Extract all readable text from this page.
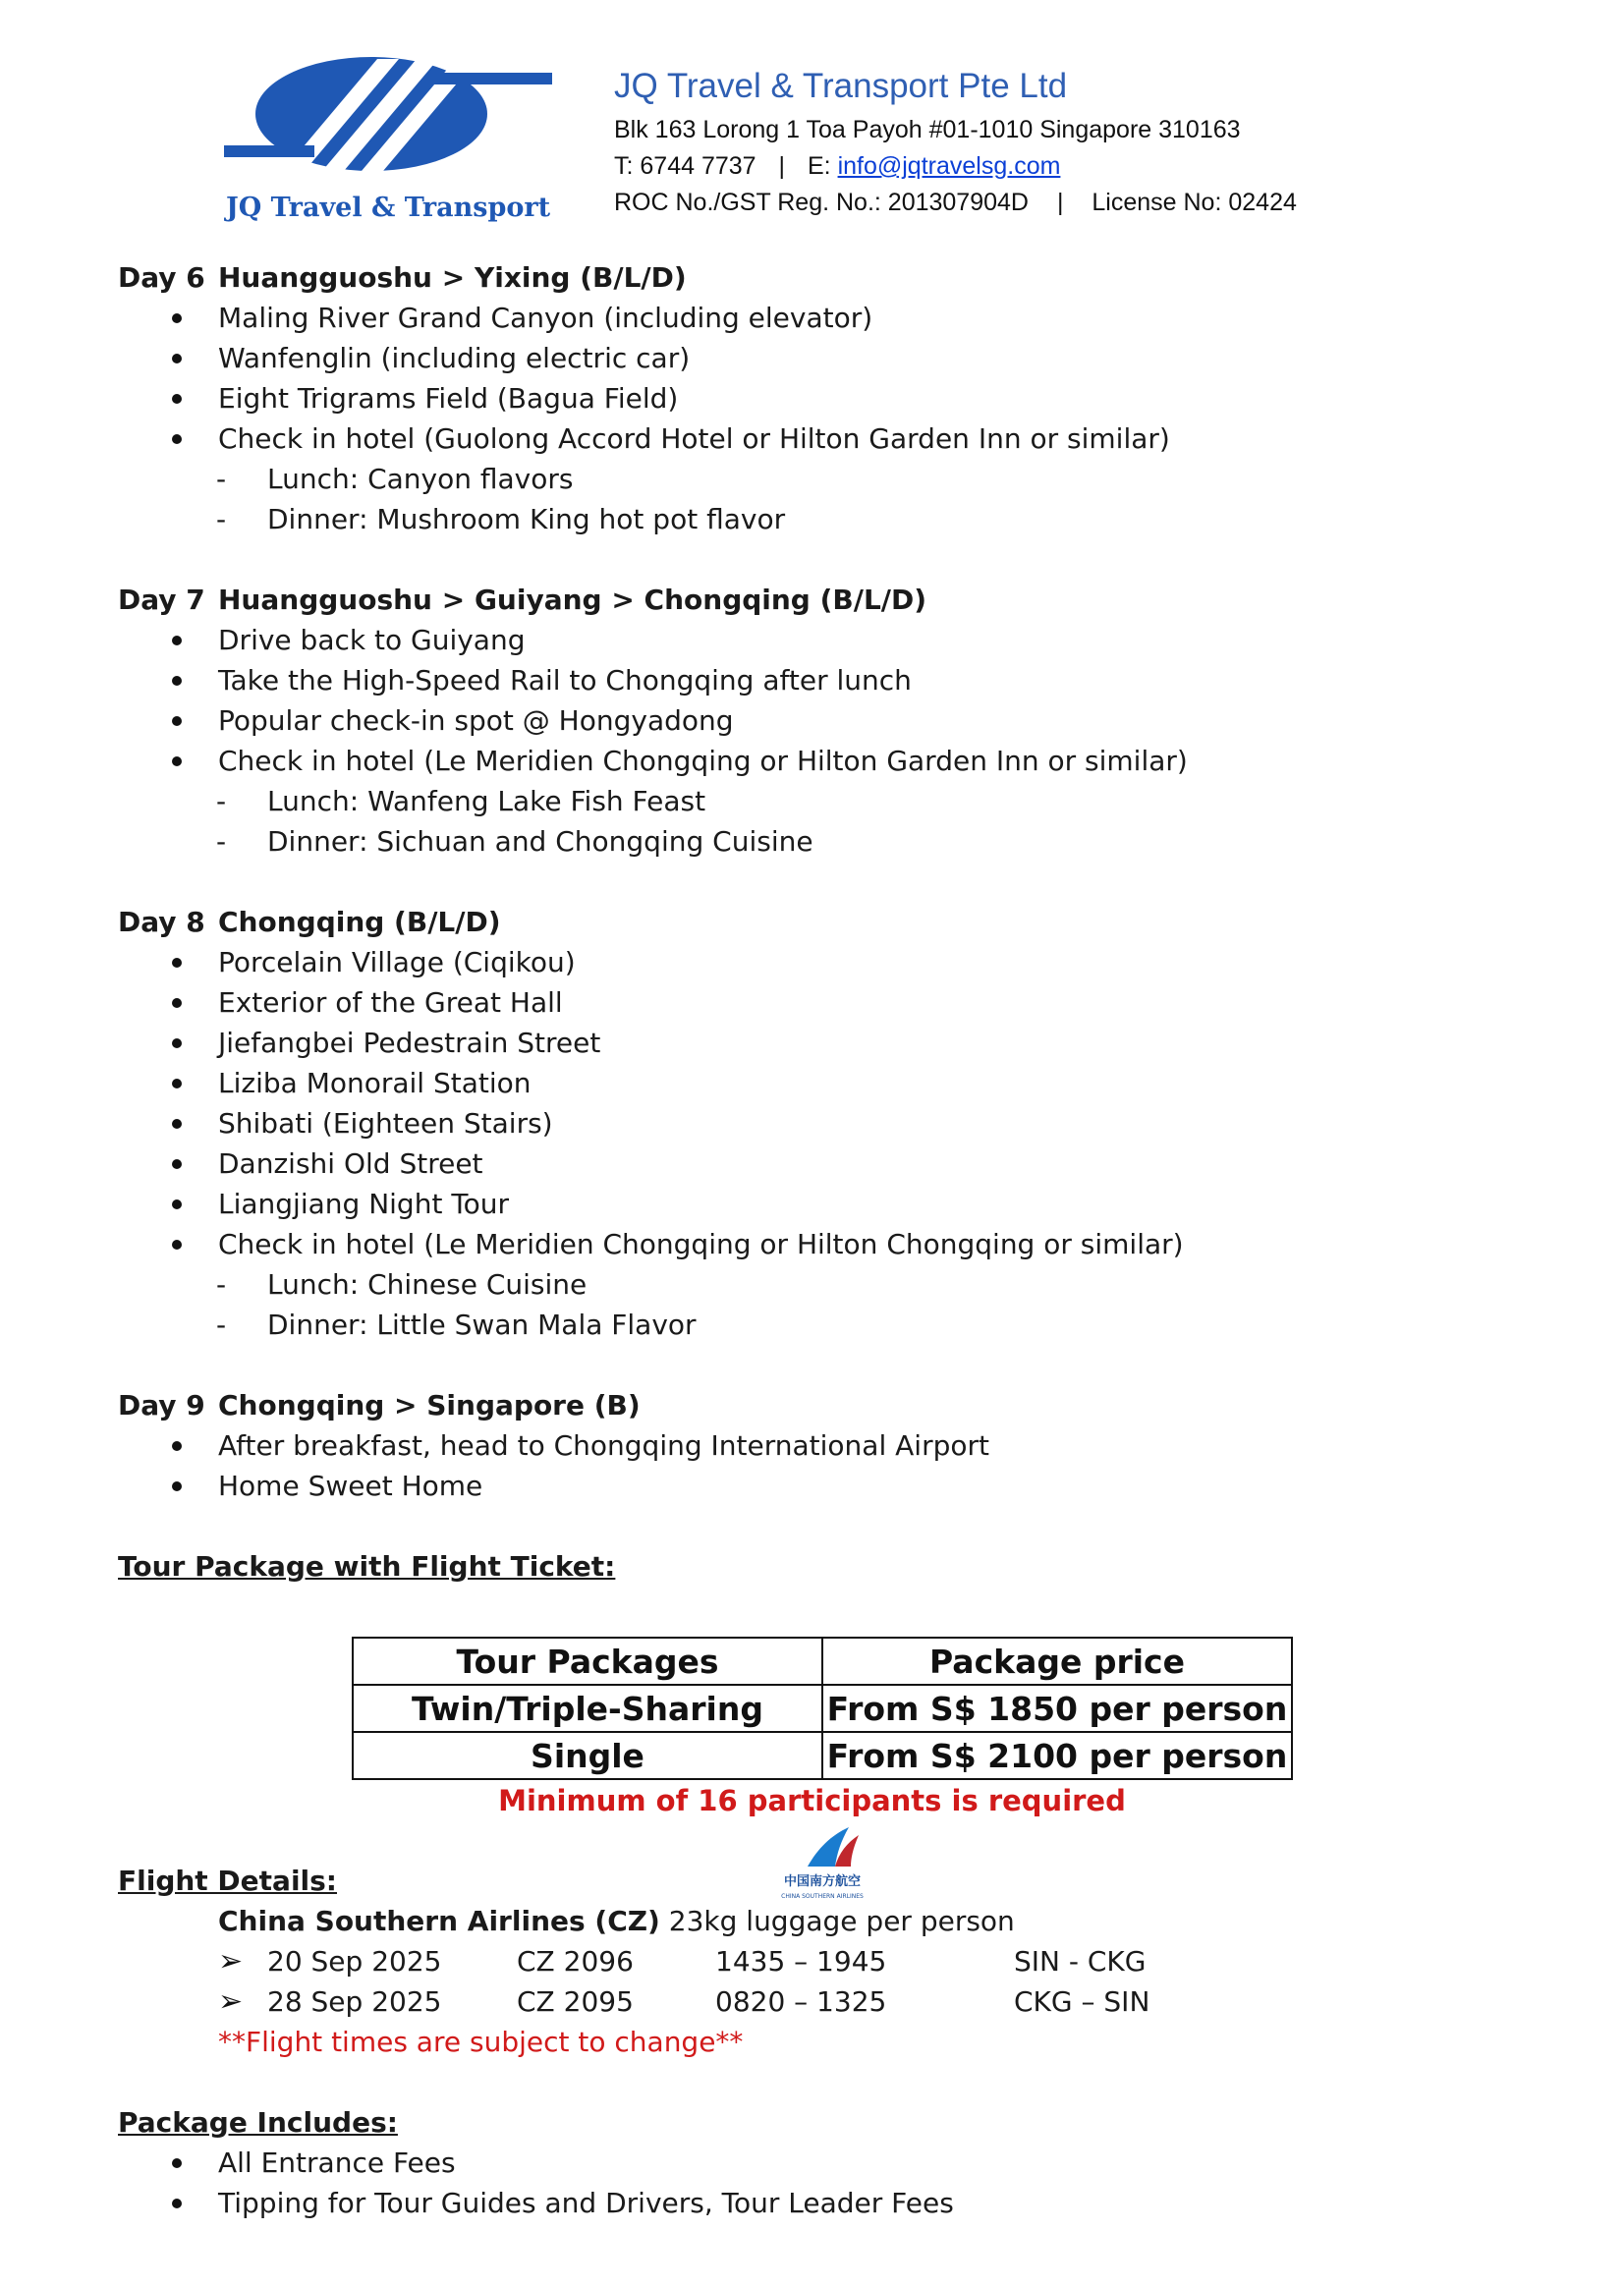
JQ Travel & Transport
JQ Travel & Transport Pte Ltd
Blk 163 Lorong 1 Toa Payoh #01-1010 Singapore 310163
T: 6744 7737 | E: info@jqtravelsg.com
ROC No./GST Reg. No.: 201307904D | License No: 02424
Day 6 Huangguoshu > Yixing (B/L/D)
Maling River Grand Canyon (including elevator)
Wanfenglin (including electric car)
Eight Trigrams Field (Bagua Field)
Check in hotel (Guolong Accord Hotel or Hilton Garden Inn or similar)
- Lunch: Canyon flavors
- Dinner: Mushroom King hot pot flavor
Day 7 Huangguoshu > Guiyang > Chongqing (B/L/D)
Drive back to Guiyang
Take the High-Speed Rail to Chongqing after lunch
Popular check-in spot @ Hongyadong
Check in hotel (Le Meridien Chongqing or Hilton Garden Inn or similar)
- Lunch: Wanfeng Lake Fish Feast
- Dinner: Sichuan and Chongqing Cuisine
Day 8 Chongqing (B/L/D)
Porcelain Village (Ciqikou)
Exterior of the Great Hall
Jiefangbei Pedestrain Street
Liziba Monorail Station
Shibati (Eighteen Stairs)
Danzishi Old Street
Liangjiang Night Tour
Check in hotel (Le Meridien Chongqing or Hilton Chongqing or similar)
- Lunch: Chinese Cuisine
- Dinner: Little Swan Mala Flavor
Day 9 Chongqing > Singapore (B)
After breakfast, head to Chongqing International Airport
Home Sweet Home
Tour Package with Flight Ticket:
Tour Packages	Package price
Twin/Triple-Sharing	From S$ 1850 per person
Single	From S$ 2100 per person
Minimum of 16 participants is required
中国南方航空
CHINA SOUTHERN AIRLINES
Flight Details:
China Southern Airlines (CZ) 23kg luggage per person
➢ 20 Sep 2025	CZ 2096	1435 – 1945	SIN - CKG
➢ 28 Sep 2025	CZ 2095	0820 – 1325	CKG – SIN
**Flight times are subject to change**
Package Includes:
All Entrance Fees
Tipping for Tour Guides and Drivers, Tour Leader Fees
